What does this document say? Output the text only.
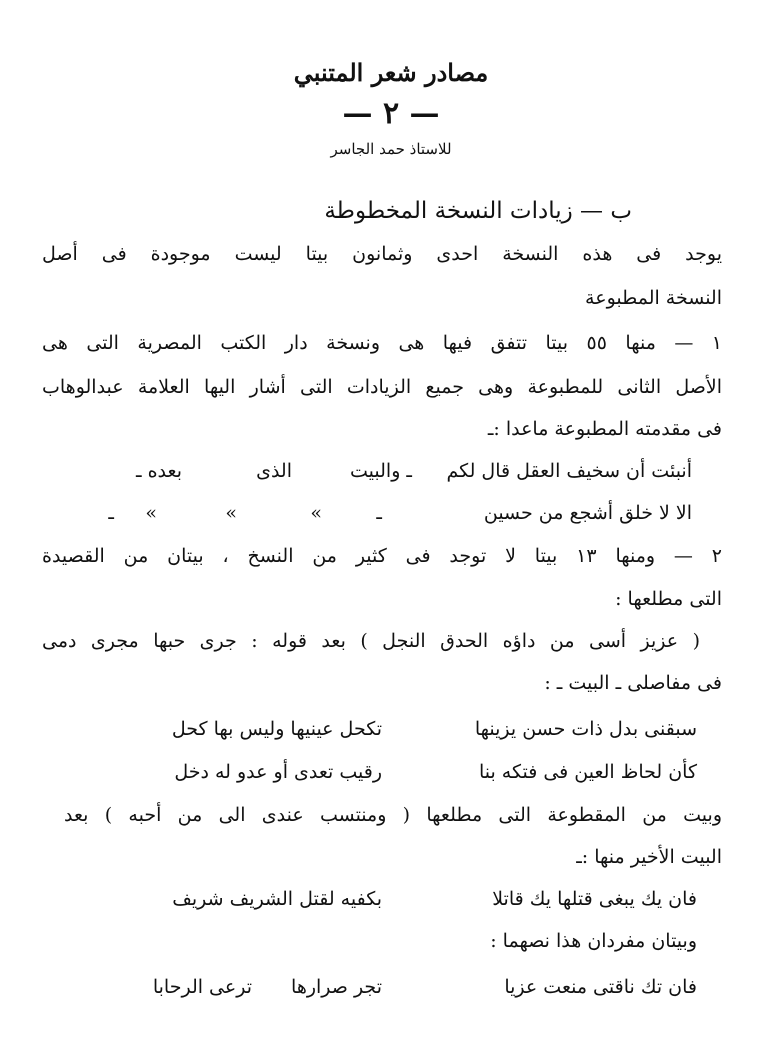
مصادر شعر المتنبي
— ٢ —
للاستاذ حمد الجاسر
ب — زيادات النسخة المخطوطة
يوجد فى هذه النسخة احدى وثمانون بيتا ليست موجودة فى أصل
النسخة المطبوعة
١ — منها ٥٥ بيتا تتفق فيها هى ونسخة دار الكتب المصرية التى هى
الأصل الثانى للمطبوعة وهى جميع الزيادات التى أشار اليها العلامة عبدالوهاب
فى مقدمته المطبوعة ماعدا :ـ
أنبئت أن سخيف العقل قال لكم
ـ والبيت
الذى
بعده ـ
الا لا خلق أشجع من حسين
ـ
«
«
«
ـ
٢ — ومنها ١٣ بيتا لا توجد فى كثير من النسخ ، بيتان من القصيدة
التى مطلعها :
( عزيز أسى من داؤه الحدق النجل ) بعد قوله : جرى حبها مجرى دمى
فى مفاصلى ـ البيت ـ :
سبقنى بدل ذات حسن يزينها
تكحل عينيها وليس بها كحل
كأن لحاظ العين فى فتكه بنا
رقيب تعدى أو عدو له دخل
وبيت من المقطوعة التى مطلعها ( ومنتسب عندى الى من أحبه ) بعد
البيت الأخير منها :ـ
فان يك يبغى قتلها يك قاتلا
بكفيه لقتل الشريف شريف
وبيتان مفردان هذا نصهما :
فان تك ناقتى منعت عزيا
تجر صرارها
ترعى الرحابا
